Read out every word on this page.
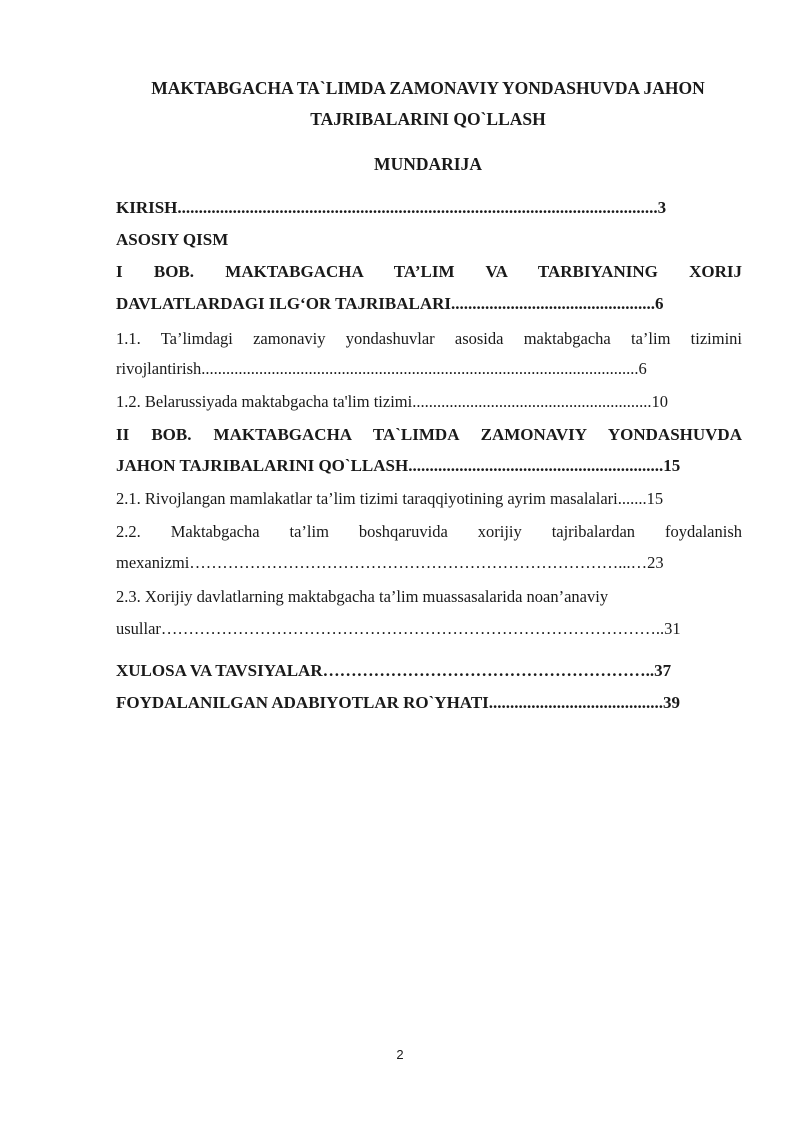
MAKTABGACHA TA`LIMDA ZAMONAVIY YONDASHUVDA JAHON
TAJRIBALARINI QO`LLASH
MUNDARIJA
KIRISH.................................................................................................................3
ASOSIY QISM
I BOB. MAKTABGACHA TA’LIM VA TARBIYANING XORIJ
DAVLATLARDAGI ILG‘OR TAJRIBALARI................................................6
1.1. Ta’limdagi zamonaviy yondashuvlar asosida maktabgacha ta’lim tizimini
rivojlantirish..........................................................................................................6
1.2. Belarussiyada maktabgacha ta'lim tizimi..........................................................10
II BOB. MAKTABGACHA TA`LIMDA ZAMONAVIY YONDASHUVDA
JAHON TAJRIBALARINI QO`LLASH............................................................15
2.1. Rivojlangan mamlakatlar ta’lim tizimi taraqqiyotining ayrim masalalari.......15
2.2. Maktabgacha ta’lim boshqaruvida xorijiy tajribalardan foydalanish
mexanizmi……………………………………………………………………...…23
2.3. Xorijiy davlatlarning maktabgacha ta’lim muassasalarida noan’anaviy
usullar………………………………………………………………………………..31
XULOSA VA TAVSIYALAR…………………………………………………..37
FOYDALANILGAN ADABIYOTLAR RO`YHATI.........................................39
2
